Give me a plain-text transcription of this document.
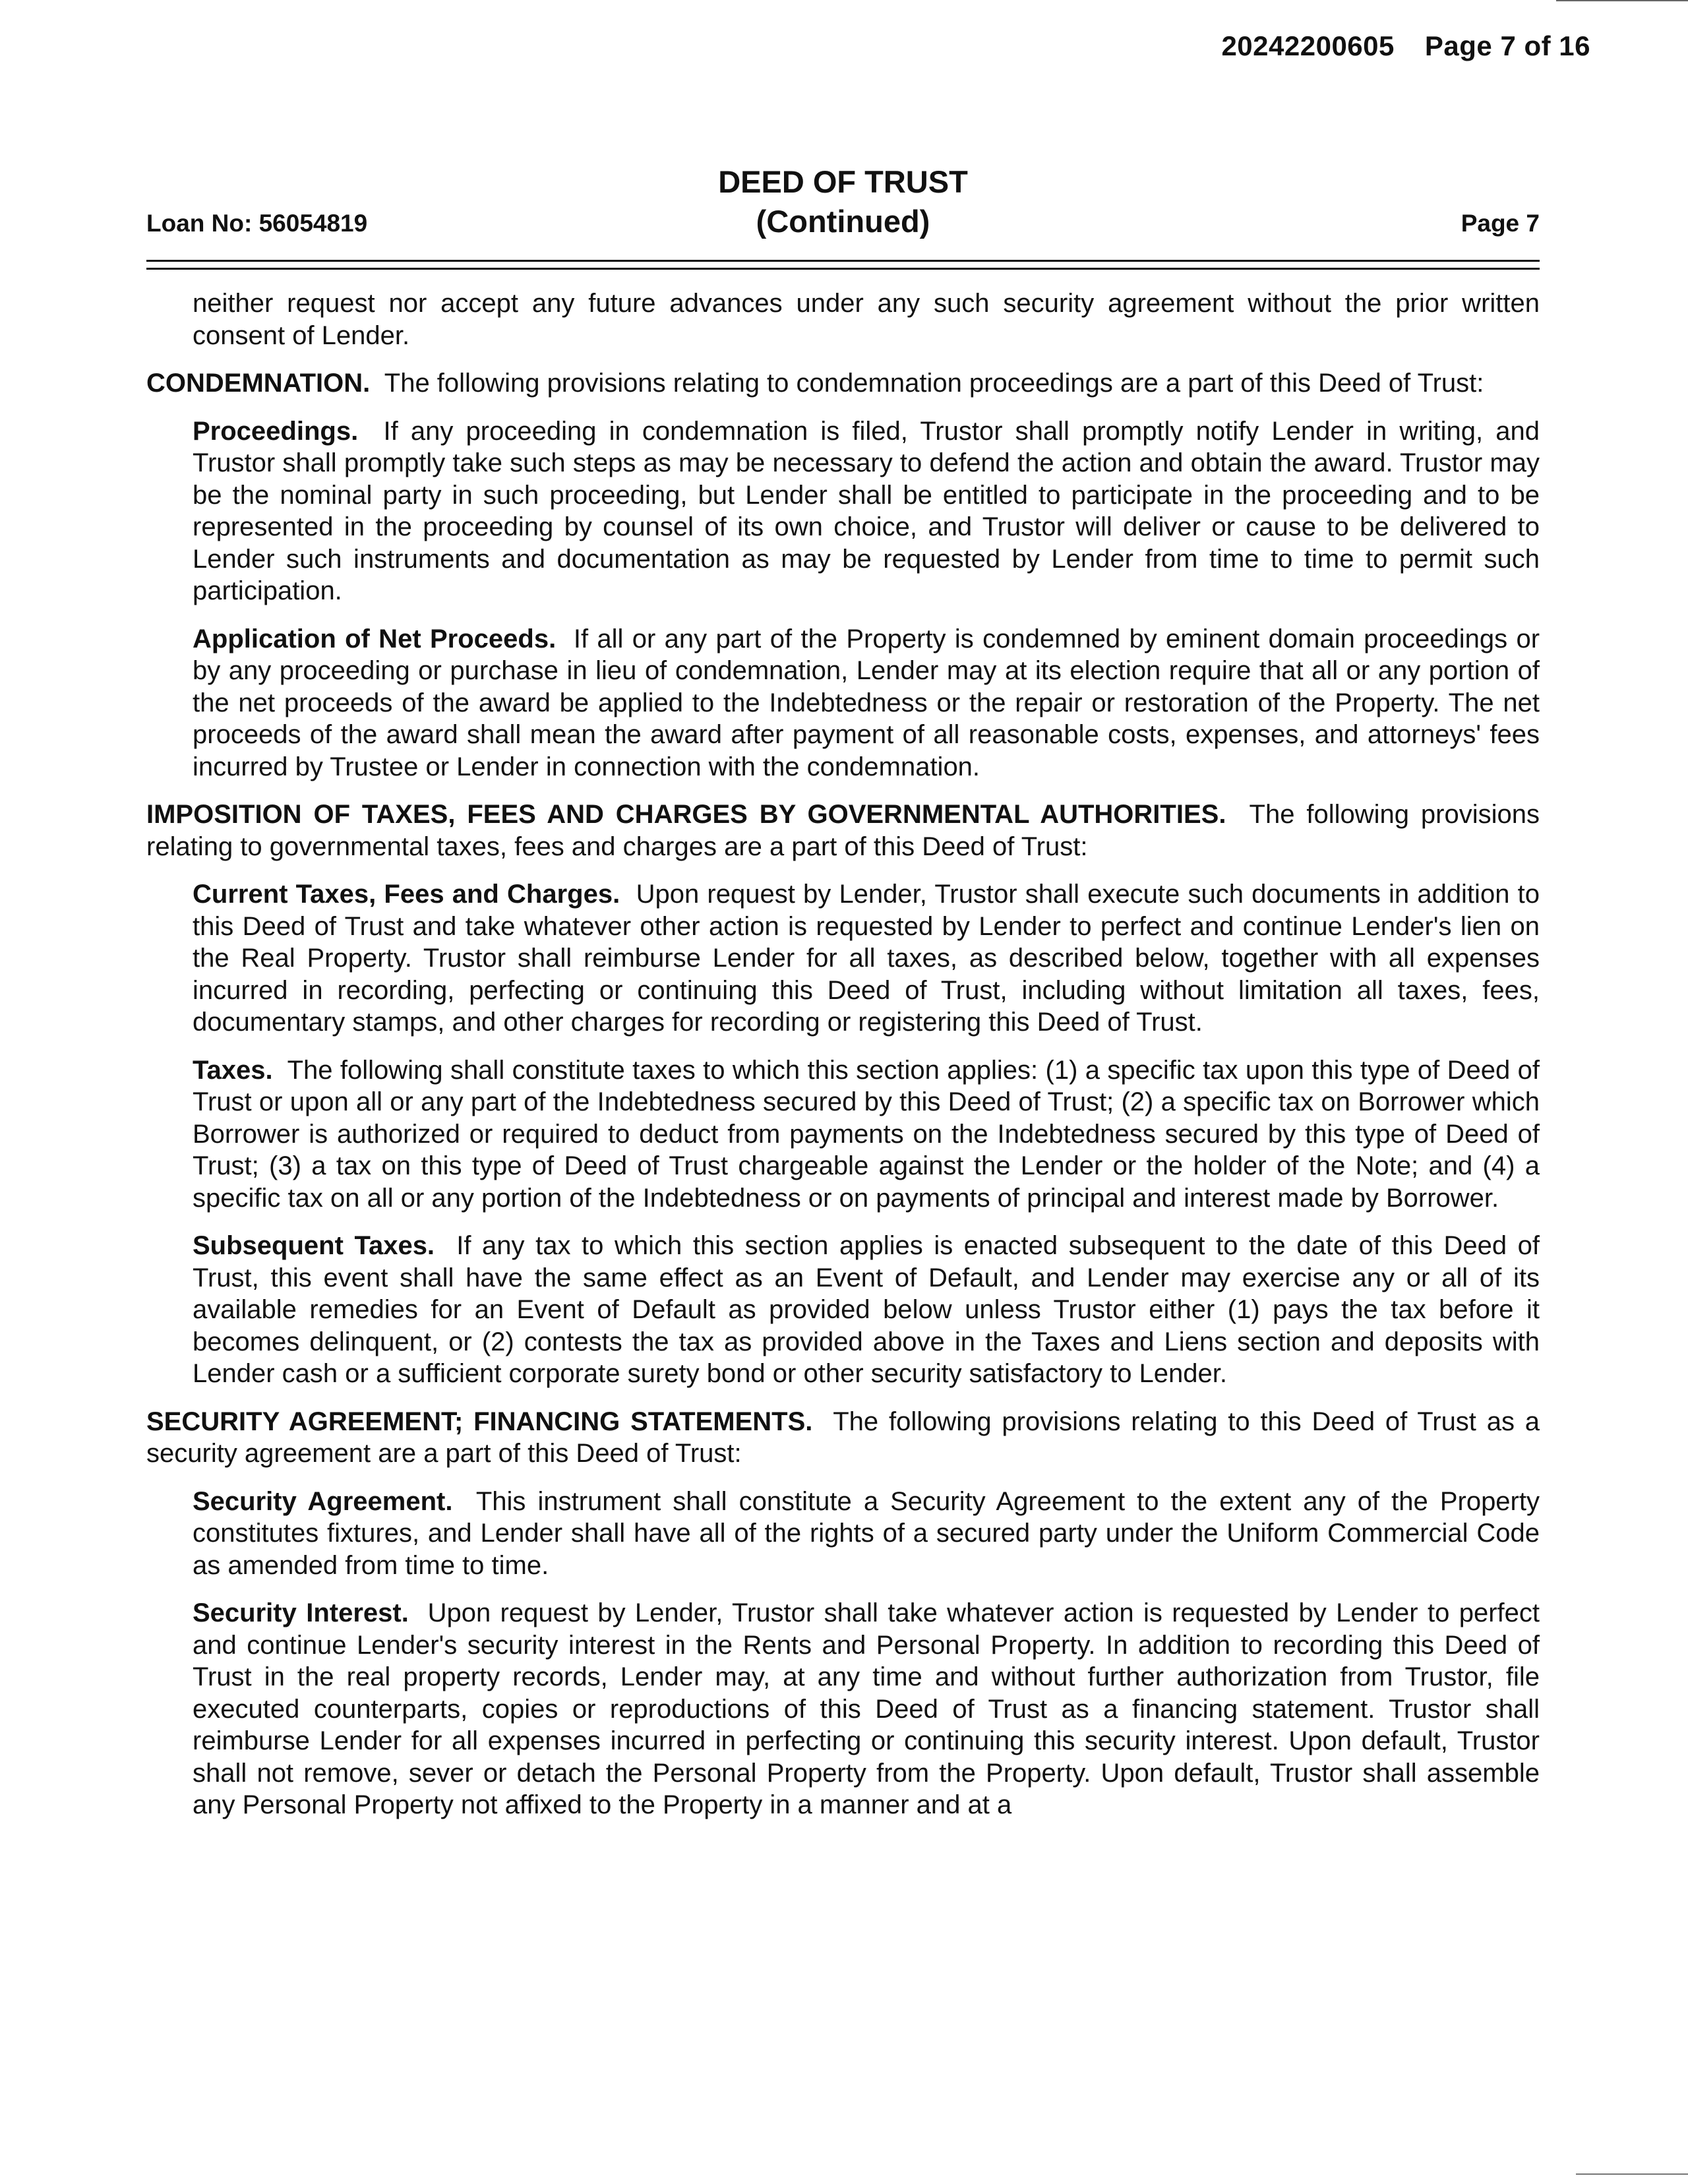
20242200605 Page 7 of 16
Loan No: 56054819
DEED OF TRUST
(Continued)	Page 7

neither request nor accept any future advances under any such security agreement without the prior written consent of Lender.

CONDEMNATION. The following provisions relating to condemnation proceedings are a part of this Deed of Trust:

Proceedings. If any proceeding in condemnation is filed, Trustor shall promptly notify Lender in writing, and Trustor shall promptly take such steps as may be necessary to defend the action and obtain the award. Trustor may be the nominal party in such proceeding, but Lender shall be entitled to participate in the proceeding and to be represented in the proceeding by counsel of its own choice, and Trustor will deliver or cause to be delivered to Lender such instruments and documentation as may be requested by Lender from time to time to permit such participation.

Application of Net Proceeds. If all or any part of the Property is condemned by eminent domain proceedings or by any proceeding or purchase in lieu of condemnation, Lender may at its election require that all or any portion of the net proceeds of the award be applied to the Indebtedness or the repair or restoration of the Property. The net proceeds of the award shall mean the award after payment of all reasonable costs, expenses, and attorneys' fees incurred by Trustee or Lender in connection with the condemnation.

IMPOSITION OF TAXES, FEES AND CHARGES BY GOVERNMENTAL AUTHORITIES. The following provisions relating to governmental taxes, fees and charges are a part of this Deed of Trust:

Current Taxes, Fees and Charges. Upon request by Lender, Trustor shall execute such documents in addition to this Deed of Trust and take whatever other action is requested by Lender to perfect and continue Lender's lien on the Real Property. Trustor shall reimburse Lender for all taxes, as described below, together with all expenses incurred in recording, perfecting or continuing this Deed of Trust, including without limitation all taxes, fees, documentary stamps, and other charges for recording or registering this Deed of Trust.

Taxes. The following shall constitute taxes to which this section applies: (1) a specific tax upon this type of Deed of Trust or upon all or any part of the Indebtedness secured by this Deed of Trust; (2) a specific tax on Borrower which Borrower is authorized or required to deduct from payments on the Indebtedness secured by this type of Deed of Trust; (3) a tax on this type of Deed of Trust chargeable against the Lender or the holder of the Note; and (4) a specific tax on all or any portion of the Indebtedness or on payments of principal and interest made by Borrower.

Subsequent Taxes. If any tax to which this section applies is enacted subsequent to the date of this Deed of Trust, this event shall have the same effect as an Event of Default, and Lender may exercise any or all of its available remedies for an Event of Default as provided below unless Trustor either (1) pays the tax before it becomes delinquent, or (2) contests the tax as provided above in the Taxes and Liens section and deposits with Lender cash or a sufficient corporate surety bond or other security satisfactory to Lender.

SECURITY AGREEMENT; FINANCING STATEMENTS. The following provisions relating to this Deed of Trust as a security agreement are a part of this Deed of Trust:

Security Agreement. This instrument shall constitute a Security Agreement to the extent any of the Property constitutes fixtures, and Lender shall have all of the rights of a secured party under the Uniform Commercial Code as amended from time to time.

Security Interest. Upon request by Lender, Trustor shall take whatever action is requested by Lender to perfect and continue Lender's security interest in the Rents and Personal Property. In addition to recording this Deed of Trust in the real property records, Lender may, at any time and without further authorization from Trustor, file executed counterparts, copies or reproductions of this Deed of Trust as a financing statement. Trustor shall reimburse Lender for all expenses incurred in perfecting or continuing this security interest. Upon default, Trustor shall not remove, sever or detach the Personal Property from the Property. Upon default, Trustor shall assemble any Personal Property not affixed to the Property in a manner and at a
